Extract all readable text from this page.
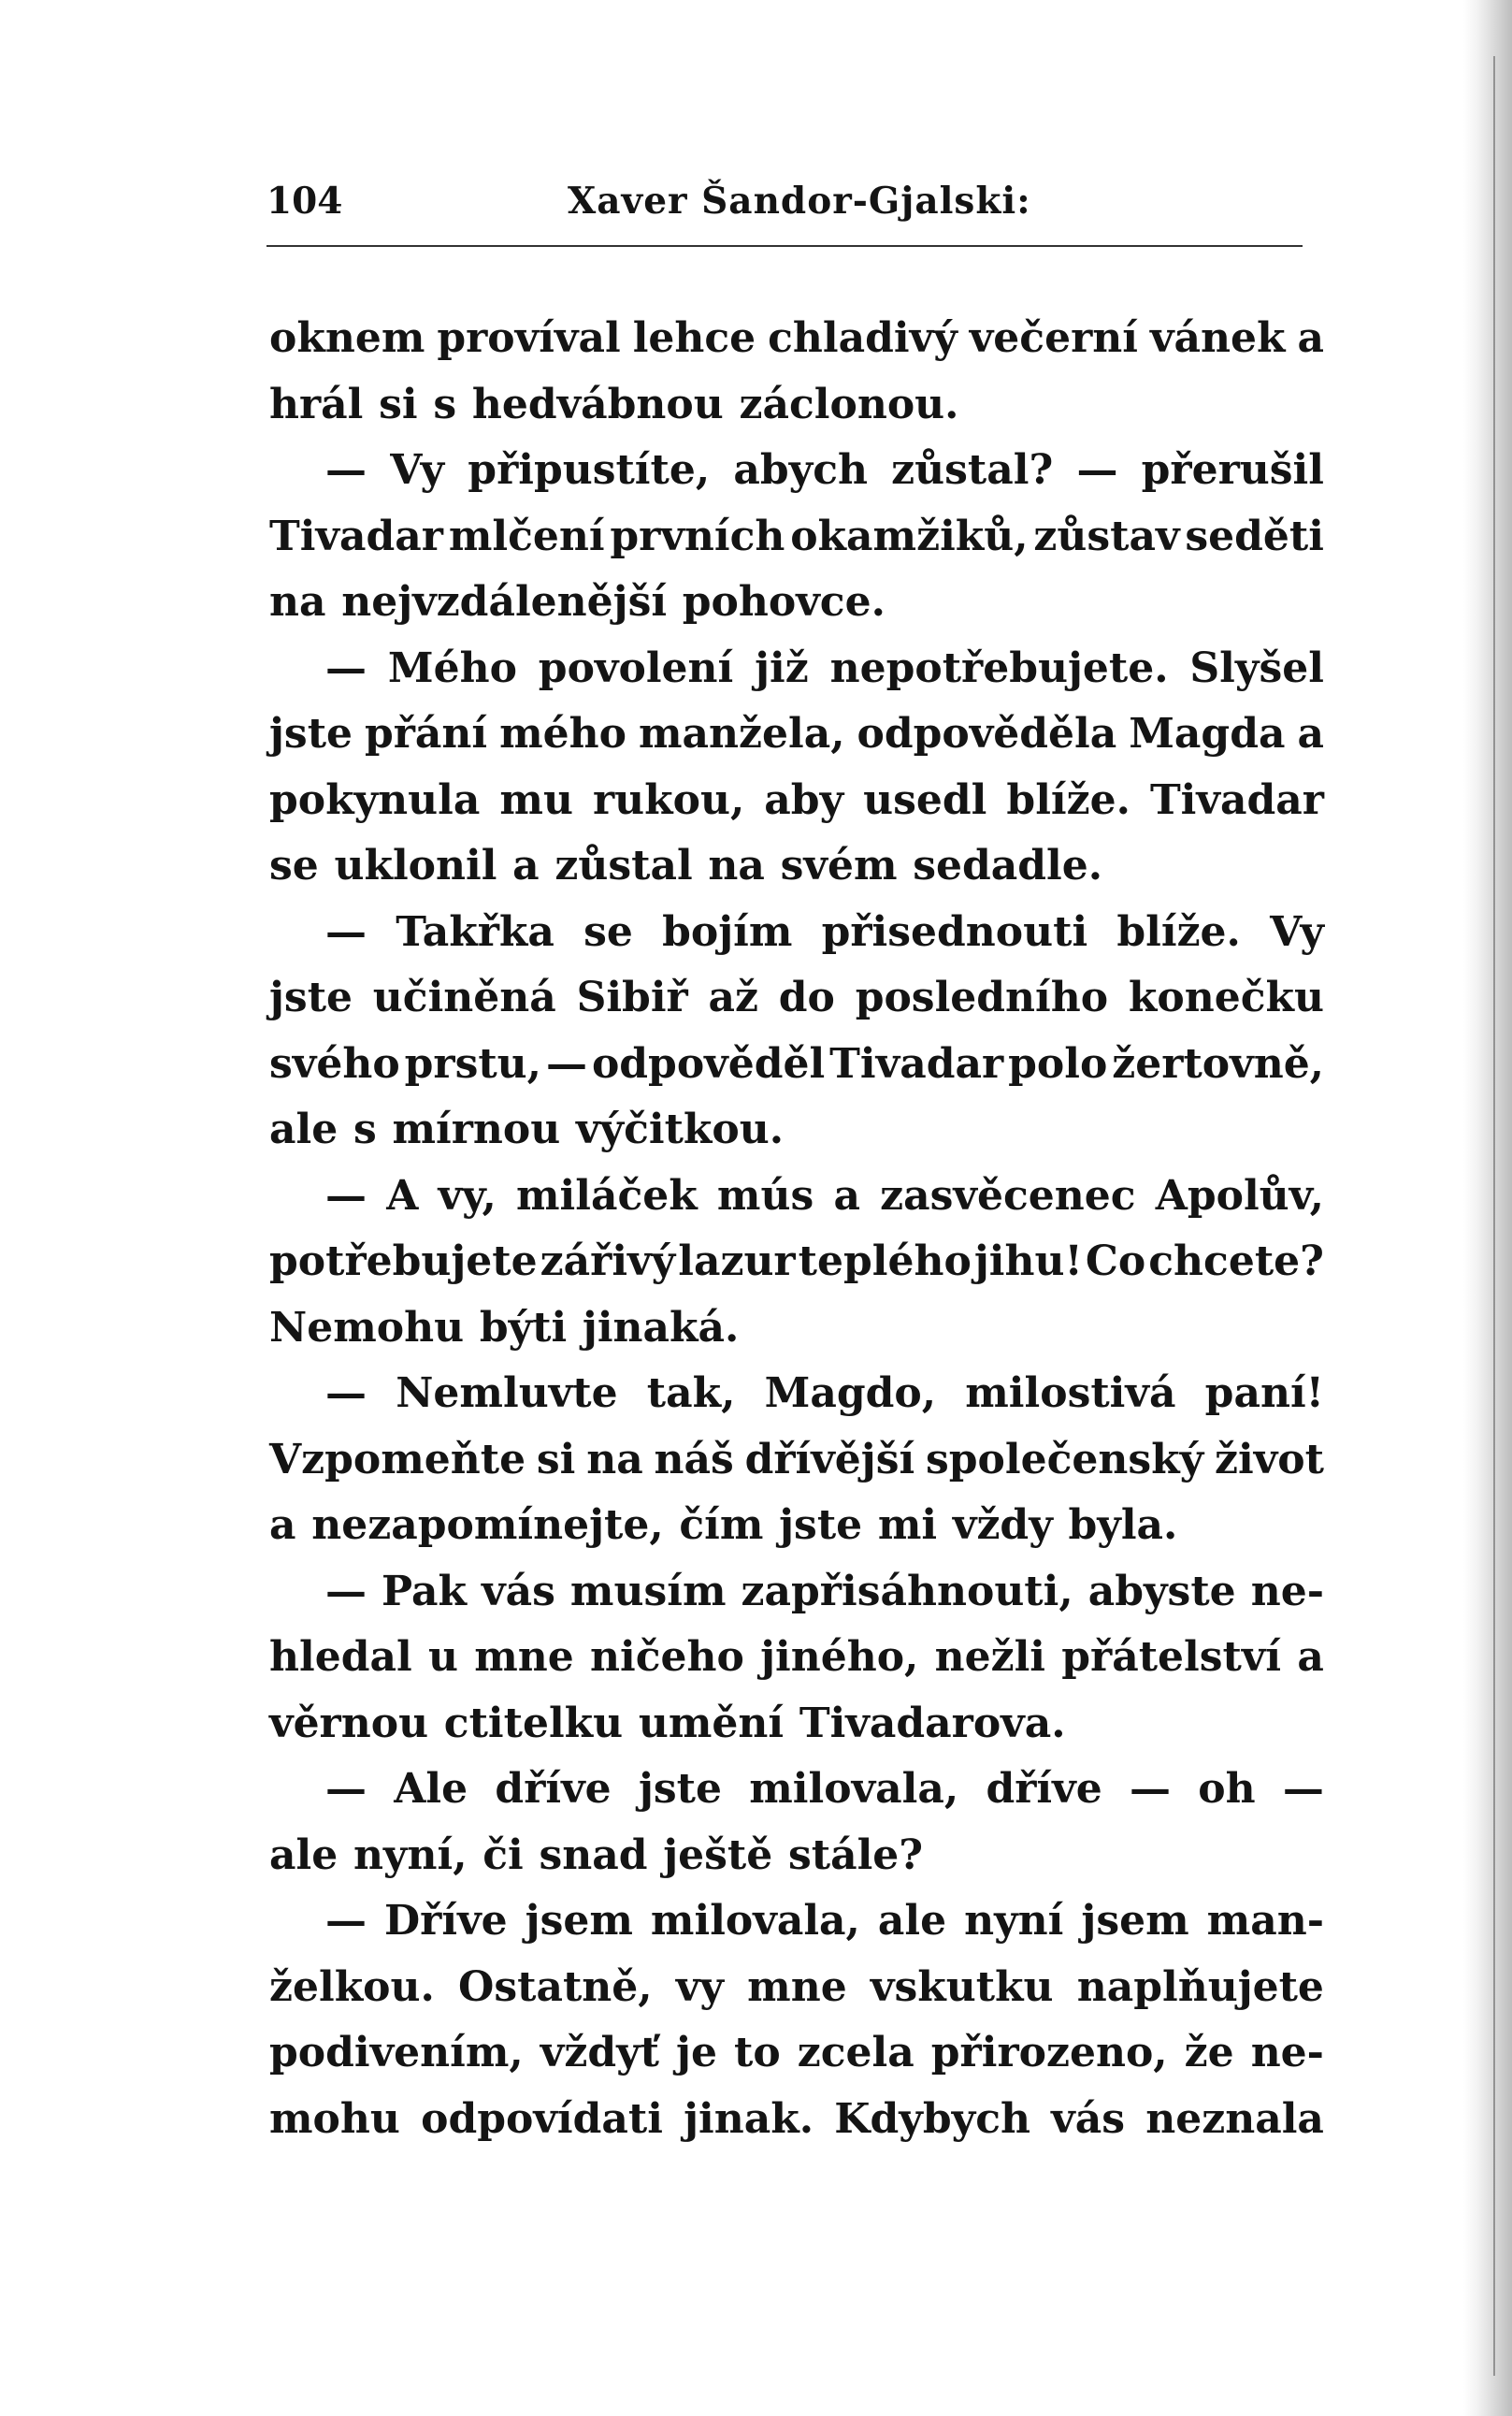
104	Xaver Šandor-Gjalski:
oknem províval lehce chladivý večerní vánek a
hrál si s hedvábnou záclonou.
— Vy připustíte, abych zůstal? — přerušil
Tivadar mlčení prvních okamžiků, zůstav seděti
na nejvzdálenější pohovce.
— Mého povolení již nepotřebujete. Slyšel
jste přání mého manžela, odpověděla Magda a
pokynula mu rukou, aby usedl blíže. Tivadar
se uklonil a zůstal na svém sedadle.
— Takřka se bojím přisednouti blíže. Vy
jste učiněná Sibiř až do posledního konečku
svého prstu, — odpověděl Tivadar polo žertovně,
ale s mírnou výčitkou.
— A vy, miláček mús a zasvěcenec Apolův,
potřebujete zářivý lazur teplého jihu! Co chcete?
Nemohu býti jinaká.
— Nemluvte tak, Magdo, milostivá paní!
Vzpomeňte si na náš dřívější společenský život
a nezapomínejte, čím jste mi vždy byla.
— Pak vás musím zapřisáhnouti, abyste ne-
hledal u mne ničeho jiného, nežli přátelství a
věrnou ctitelku umění Tivadarova.
— Ale dříve jste milovala, dříve — oh —
ale nyní, či snad ještě stále?
— Dříve jsem milovala, ale nyní jsem man-
želkou. Ostatně, vy mne vskutku naplňujete
podivením, vždyť je to zcela přirozeno, že ne-
mohu odpovídati jinak. Kdybych vás neznala
